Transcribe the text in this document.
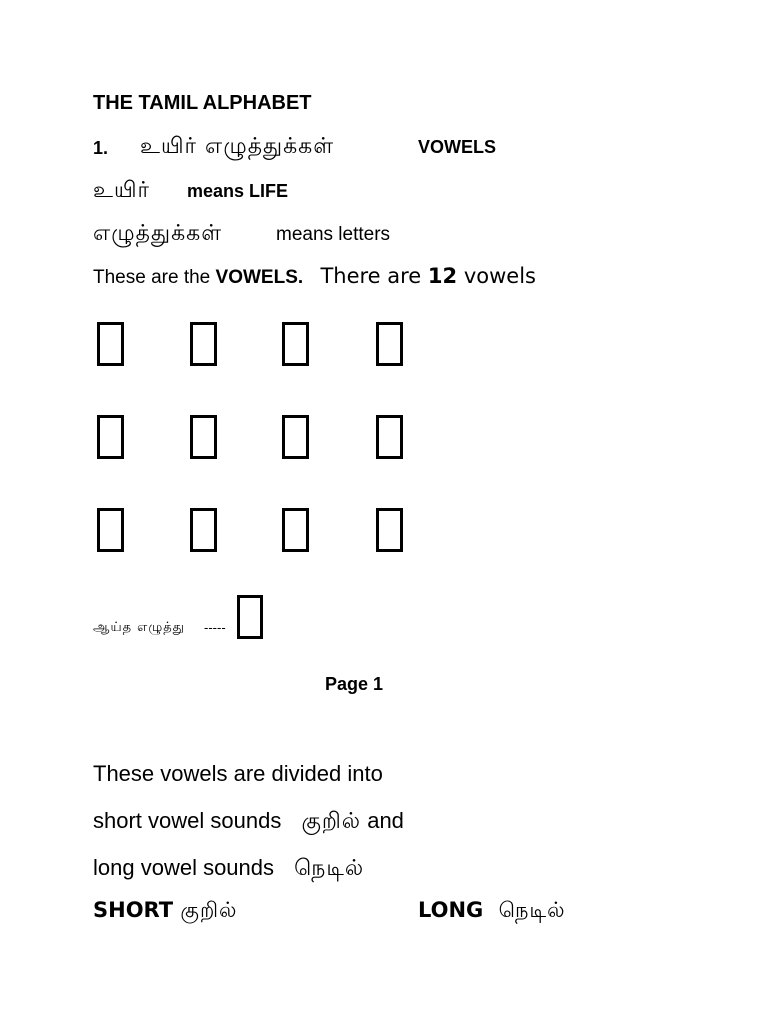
THE TAMIL ALPHABET
1. உயிர் எழுத்துக்கள்	VOWELS
உயிர் means LIFE
எழுத்துக்கள்	means letters
These are the VOWELS. There are 12 vowels
ஆய்த எழுத்து -----
Page 1
These vowels are divided into
short vowel sounds குறில் and
long vowel sounds நெடில்
SHORT குறில்	LONG நெடில்
